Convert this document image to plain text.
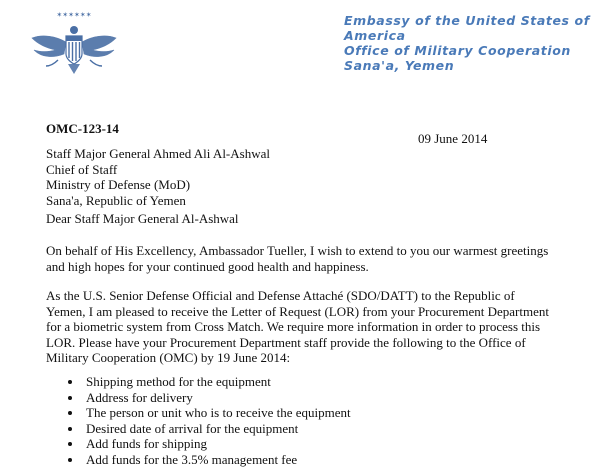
✶✶✶✶✶✶	Embassy of the United States of
America
Office of Military Cooperation
Sana'a, Yemen
OMC-123-14
09 June 2014
Staff Major General Ahmed Ali Al-Ashwal
Chief of Staff
Ministry of Defense (MoD)
Sana'a, Republic of Yemen
Dear Staff Major General Al-Ashwal
On behalf of His Excellency, Ambassador Tueller, I wish to extend to you our warmest greetings
and high hopes for your continued good health and happiness.
As the U.S. Senior Defense Official and Defense Attaché (SDO/DATT) to the Republic of
Yemen, I am pleased to receive the Letter of Request (LOR) from your Procurement Department
for a biometric system from Cross Match. We require more information in order to process this
LOR. Please have your Procurement Department staff provide the following to the Office of
Military Cooperation (OMC) by 19 June 2014:
Shipping method for the equipment
Address for delivery
The person or unit who is to receive the equipment
Desired date of arrival for the equipment
Add funds for shipping
Add funds for the 3.5% management fee
